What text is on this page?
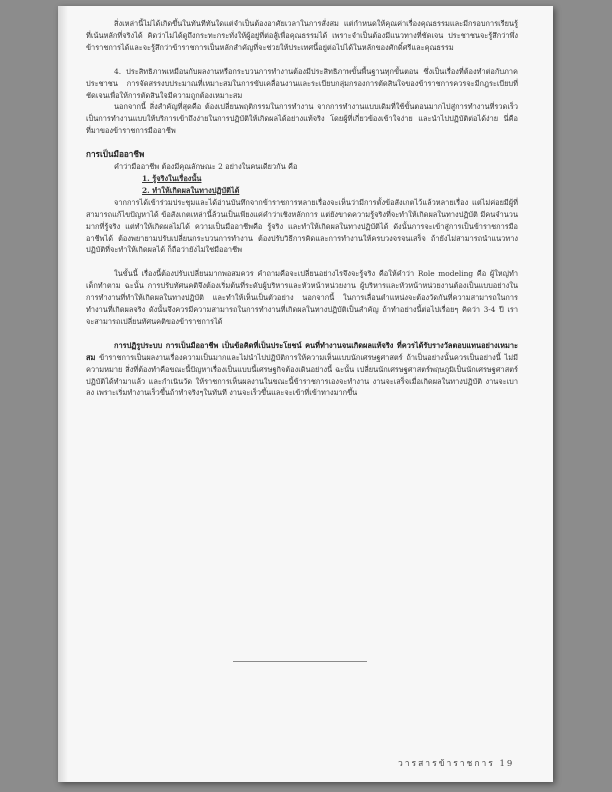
สิ่งเหล่านี้ไม่ได้เกิดขึ้นในทันทีทันใดแต่จำเป็นต้องอาศัยเวลาในการสั่งสม แต่กำหนดให้คุณค่าเรื่องคุณธรรมและมีกรอบการเรียนรู้ที่เน้นหลักที่จริงได้ คิดว่าไม่ได้ดูถึงกระทะกระทั่งให้ผู้อยู่ที่ต่อสู้เพื่อคุณธรรมได้ เพราะจำเป็นต้องมีแนวทางที่ชัดเจน ประชาชนจะรู้สึกว่าพึ่งข้าราชการได้และจะรู้สึกว่าข้าราชการเป็นหลักสำคัญที่จะช่วยให้ประเทศนี้อยู่ต่อไปได้ในหลักของศักดิ์ศรีและคุณธรรม

4. ประสิทธิภาพเหมือนกับผลงานหรือกระบวนการทำงานต้องมีประสิทธิภาพขั้นพื้นฐานทุกขั้นตอน ซึ่งเป็นเรื่องที่ต้องทำต่อกับภาคประชาชน การจัดสรรงบประมาณที่เหมาะสมในการขับเคลื่อนงานและระเบียบกลุ่มกรองการตัดสินใจของข้าราชการควรจะมีกฎระเบียบที่ชัดเจนเพื่อให้การตัดสินใจมีความถูกต้องเหมาะสม

นอกจากนี้ สิ่งสำคัญที่สุดคือ ต้องเปลี่ยนพฤติกรรมในการทำงาน จากการทำงานแบบเดิมที่ใช้ขั้นตอนมากไปสู่การทำงานที่รวดเร็ว เป็นการทำงานแบบให้บริการเข้าถึงง่ายในการปฏิบัติให้เกิดผลได้อย่างแท้จริง โดยผู้ที่เกี่ยวข้องเข้าใจง่าย และนำไปปฏิบัติต่อได้ง่าย นี่คือที่มาของข้าราชการมืออาชีพ

การเป็นมืออาชีพ

คำว่ามืออาชีพ ต้องมีคุณลักษณะ 2 อย่างในคนเดียวกัน คือ

1. รู้จริงในเรื่องนั้น

2. ทำให้เกิดผลในทางปฏิบัติได้

จากการได้เข้าร่วมประชุมและได้อ่านบันทึกจากข้าราชการหลายเรื่องจะเห็นว่ามีการตั้งข้อสังเกตไว้แล้วหลายเรื่อง แต่ไม่ค่อยมีผู้ที่สามารถแก้ไขปัญหาได้ ข้อสังเกตเหล่านี้ล้วนเป็นเพียงแค่คำว่าเชิงหลักการ แต่ยังขาดความรู้จริงที่จะทำให้เกิดผลในทางปฏิบัติ มีคนจำนวนมากที่รู้จริง แต่ทำให้เกิดผลไม่ได้ ความเป็นมืออาชีพคือ รู้จริง และทำให้เกิดผลในทางปฏิบัติได้ ดังนั้นการจะเข้าสู่การเป็นข้าราชการมืออาชีพได้ ต้องพยายามปรับเปลี่ยนกระบวนการทำงาน ต้องปรับวิธีการคิดและการทำงานให้ครบวงจรจนเสร็จ ถ้ายังไม่สามารถนำแนวทางปฏิบัติที่จะทำให้เกิดผลได้ ก็ถือว่ายังไม่ใช่มืออาชีพ

ในขั้นนี้ เรื่องนี้ต้องปรับเปลี่ยนมากพอสมควร คำถามคือจะเปลี่ยนอย่างไรจึงจะรู้จริง คือให้คำว่า Role modeling คือ ผู้ใหญ่ทำ เด็กทำตาม ฉะนั้น การปรับทัศนคติจึงต้องเริ่มต้นที่ระดับผู้บริหารและหัวหน้าหน่วยงาน ผู้บริหารและหัวหน้าหน่วยงานต้องเป็นแบบอย่างในการทำงานที่ทำให้เกิดผลในทางปฏิบัติ และทำให้เห็นเป็นตัวอย่าง นอกจากนี้ ในการเลื่อนตำแหน่งจะต้องวัดกันที่ความสามารถในการทำงานที่เกิดผลจริง ดังนั้นจึงควรมีความสามารถในการทำงานที่เกิดผลในทางปฏิบัติเป็นสำคัญ ถ้าทำอย่างนี้ต่อไปเรื่อยๆ คิดว่า 3-4 ปี เราจะสามารถเปลี่ยนทัศนคติของข้าราชการได้

การปฏิรูประบบ การเป็นมืออาชีพ เป็นข้อคิดที่เป็นประโยชน์ คนที่ทำงานจนเกิดผลแท้จริง ที่ควรได้รับรางวัลตอบแทนอย่างเหมาะสม ข้าราชการเป็นผลงานเรื่องความเป็นมากและไม่นำไปปฏิบัติการให้ความเห็นแบบนักเศรษฐศาสตร์ ถ้าเป็นอย่างนั้นควรเป็นอย่างนี้ ไม่มีความหมาย สิ่งที่ต้องทำคือขณะนี้ปัญหาเรื่องเป็นแบบนี้เศรษฐกิจต้องเดินอย่างนี้ ฉะนั้น เปลี่ยนนักเศรษฐศาสตร์พฤษภูมิเป็นนักเศรษฐศาสตร์ปฏิบัติได้ทำมาแล้ว และกำเนินวัด ให้ราชการเห็นผลงานในขณะนี้ข้าราชการเองจะทำงาน งานจะเสร็จเมื่อเกิดผลในทางปฏิบัติ งานจะเบาลง เพราะเริ่มทำงานเร็วขึ้นถ้าทำจริงๆในทันที งานจะเร็วขึ้นและจะเข้าที่เข้าทางมากขึ้น

วารสารข้าราชการ 19
